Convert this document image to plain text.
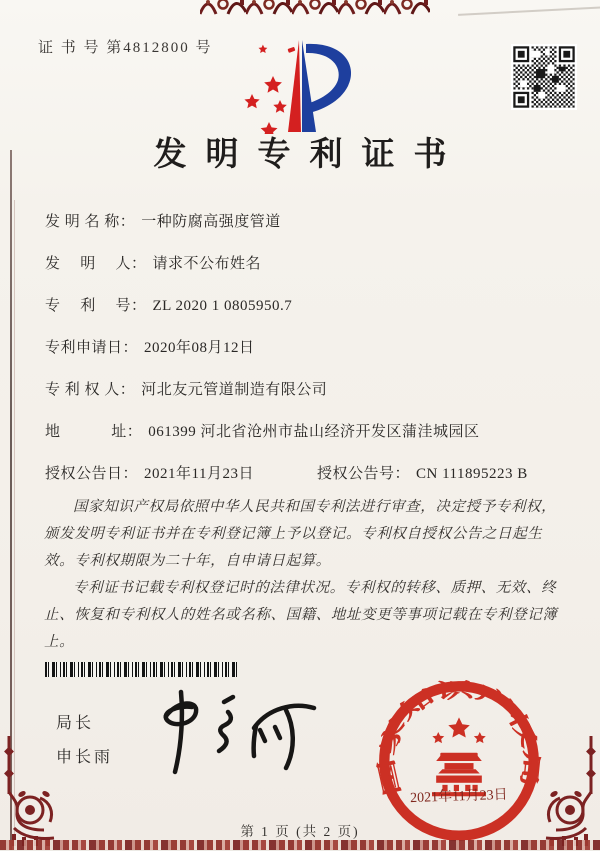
证 书 号 第4812800 号
发明专利证书
发 明 名 称： 一种防腐高强度管道
发　 明　 人： 请求不公布姓名
专　 利　 号： ZL 2020 1 0805950.7
专利申请日： 2020年08月12日
专 利 权 人： 河北友元管道制造有限公司
地　　　 址： 061399 河北省沧州市盐山经济开发区蒲洼城园区
授权公告日： 2021年11月23日	授权公告号： CN 111895223 B

国家知识产权局依照中华人民共和国专利法进行审查，决定授予专利权，颁发发明专利证书并在专利登记簿上予以登记。专利权自授权公告之日起生效。专利权期限为二十年，自申请日起算。

专利证书记载专利权登记时的法律状况。专利权的转移、质押、无效、终止、恢复和专利权人的姓名或名称、国籍、地址变更等事项记载在专利登记簿上。

局长
申长雨
国家知识产权局
2021年11月23日
第 1 页 (共 2 页)
